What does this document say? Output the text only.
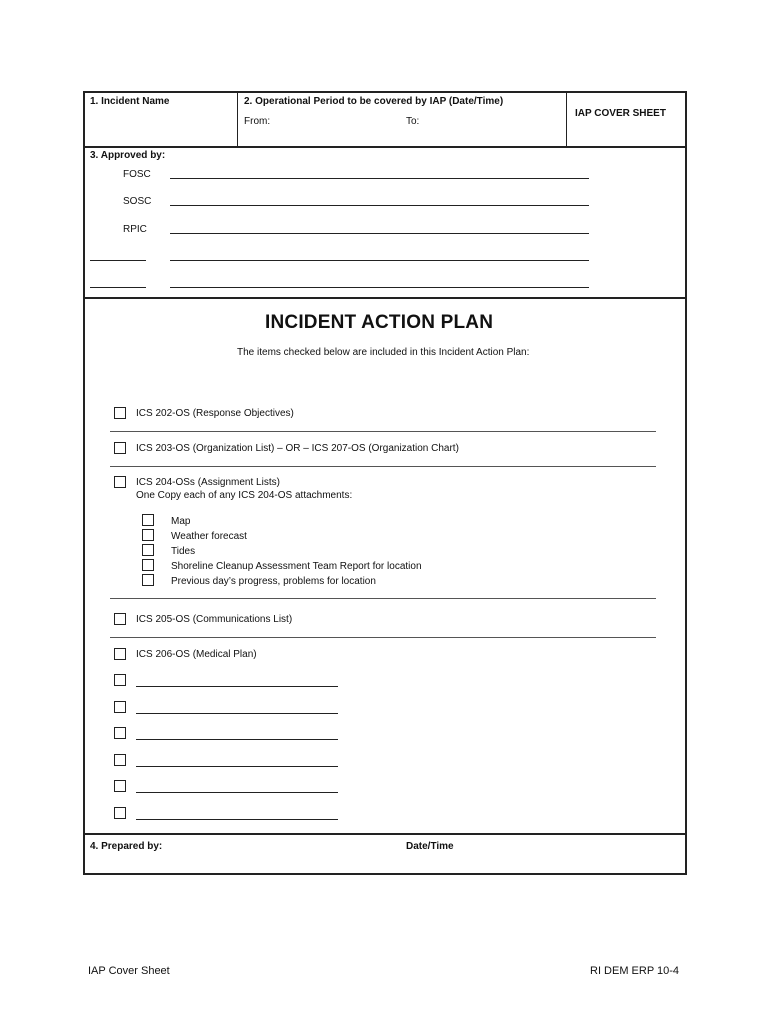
1. Incident Name	2. Operational Period to be covered by IAP (Date/Time)
From:	To:
IAP COVER SHEET
3. Approved by:
FOSC
SOSC
RPIC
INCIDENT ACTION PLAN
The items checked below are included in this Incident Action Plan:
ICS 202-OS (Response Objectives)
ICS 203-OS (Organization List) – OR – ICS 207-OS (Organization Chart)
ICS 204-OSs (Assignment Lists)
One Copy each of any ICS 204-OS attachments:
Map
Weather forecast
Tides
Shoreline Cleanup Assessment Team Report for location
Previous day’s progress, problems for location
ICS 205-OS (Communications List)
ICS 206-OS (Medical Plan)
4. Prepared by:	Date/Time
IAP Cover Sheet	RI DEM ERP 10-4
